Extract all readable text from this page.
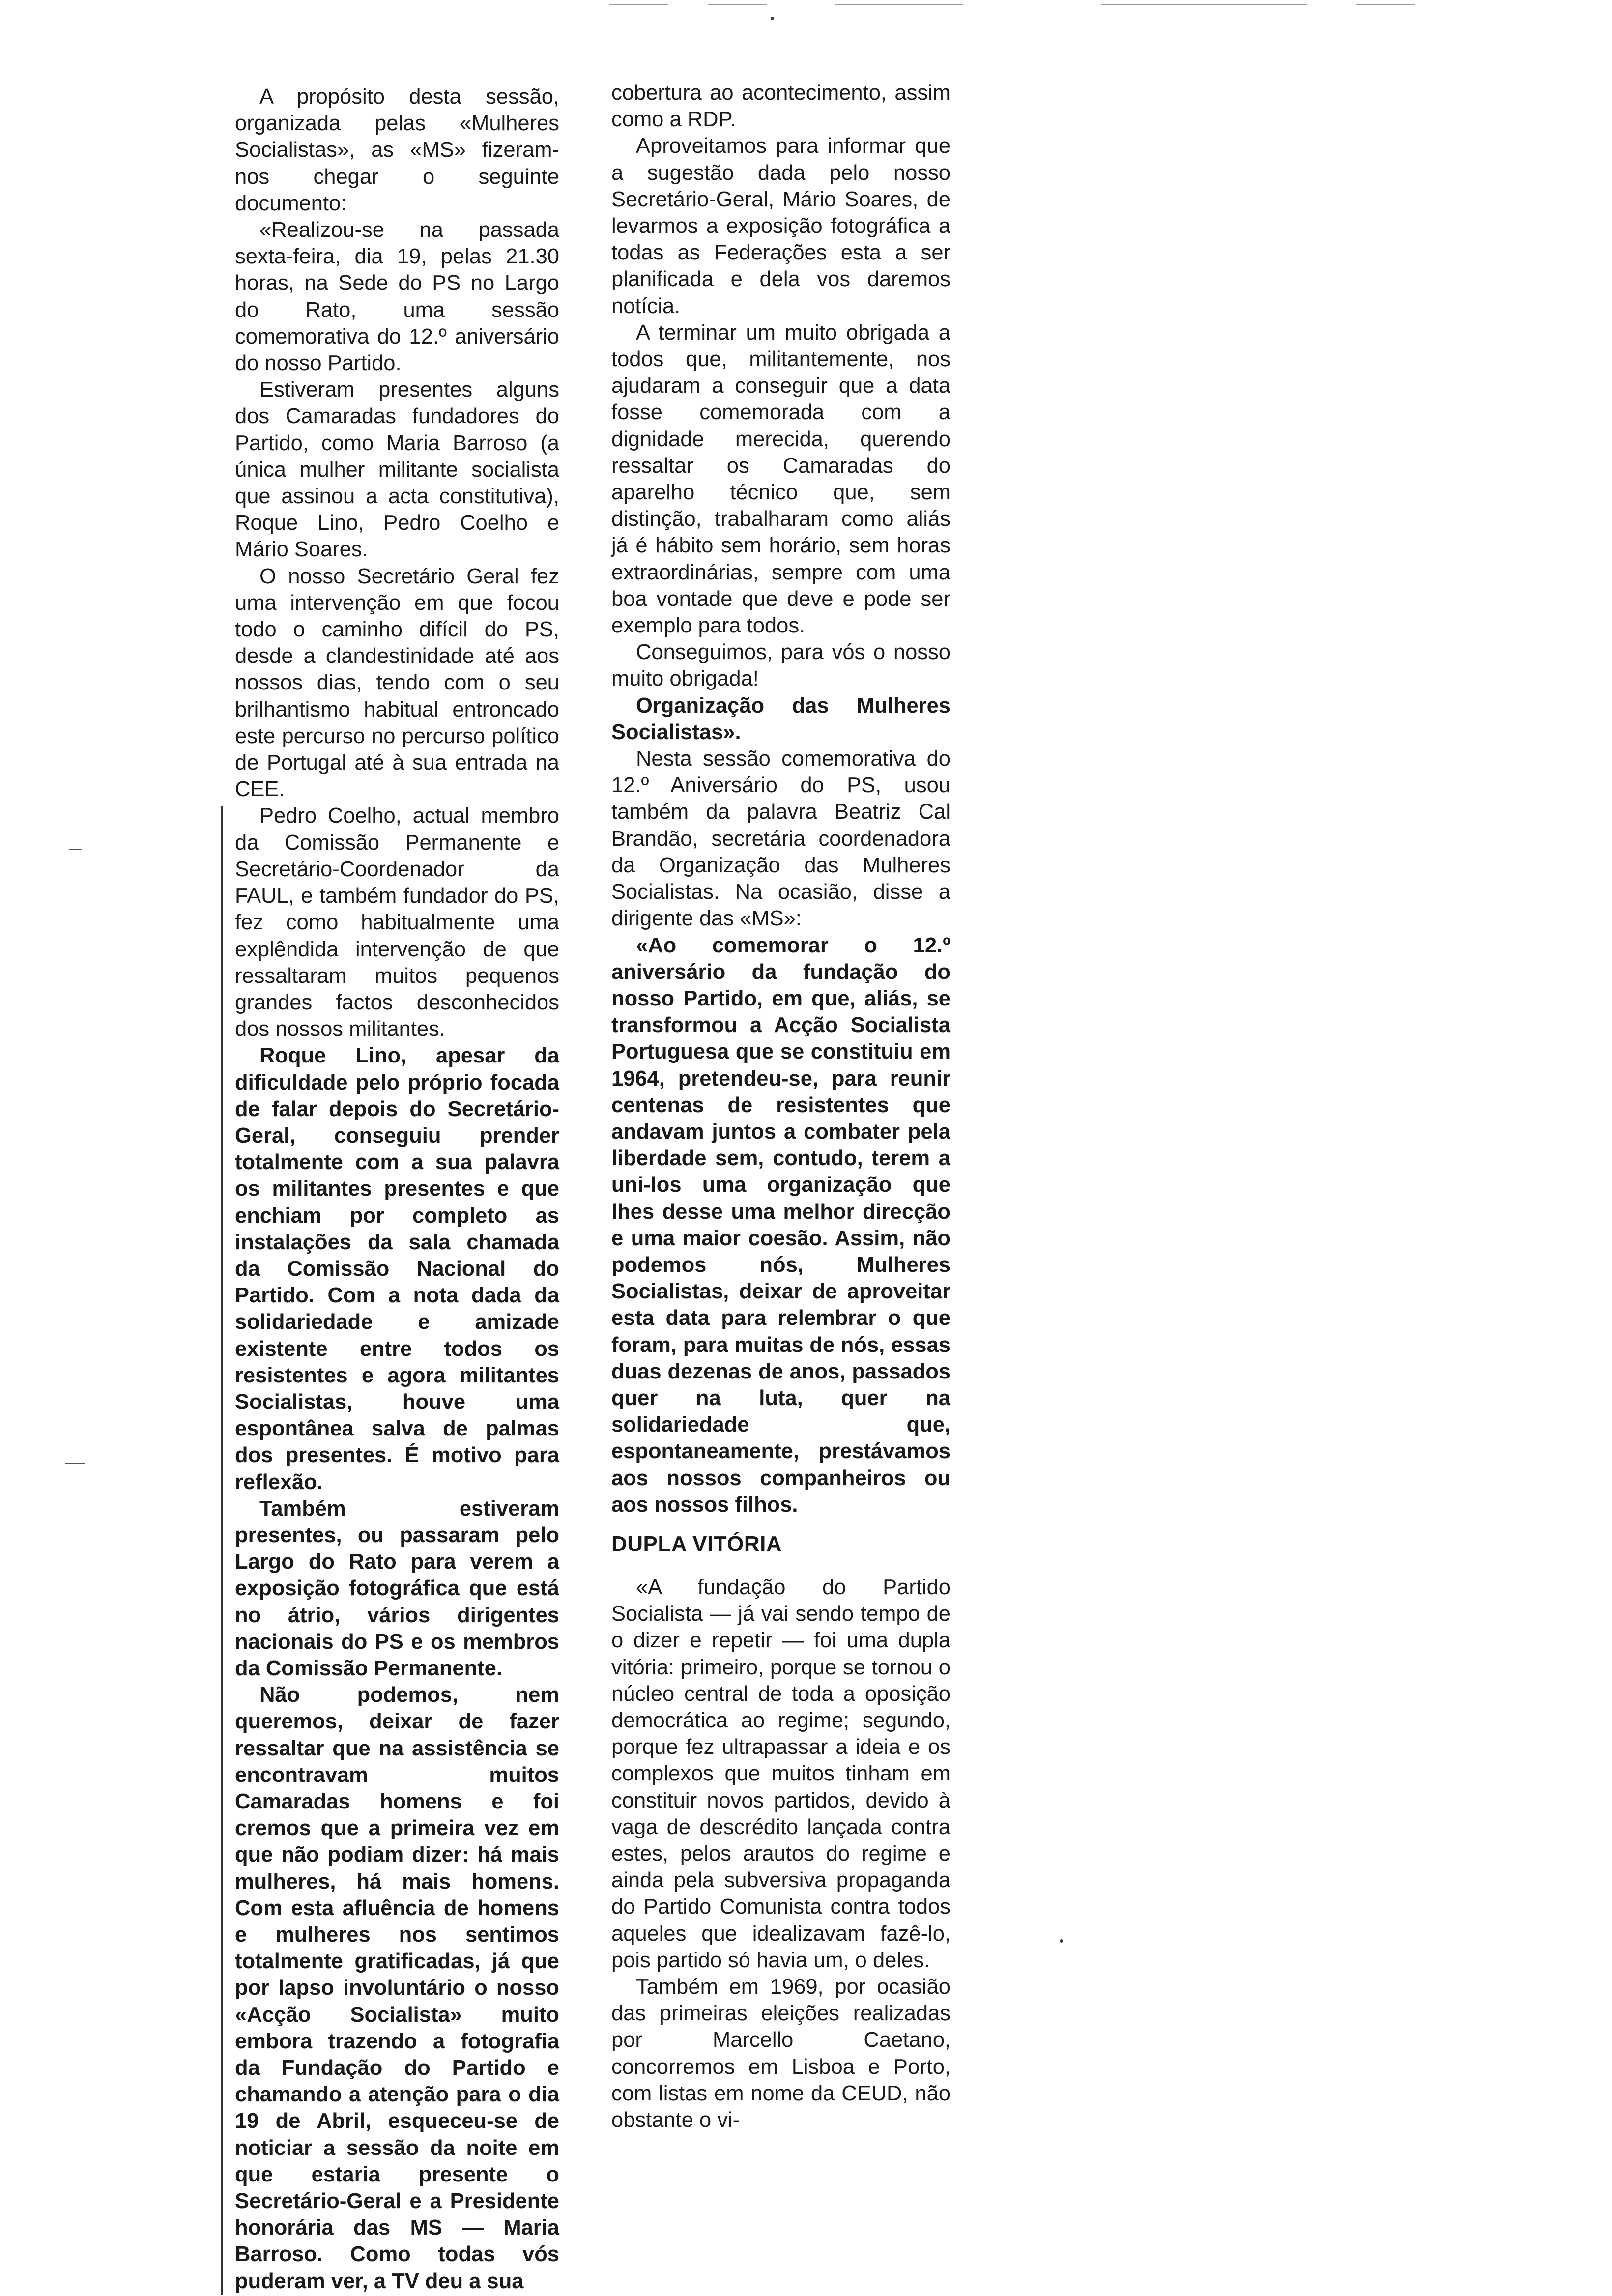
A propósito desta sessão, organizada pelas «Mulheres Socialistas», as «MS» fizeram-nos chegar o seguinte documento:

«Realizou-se na passada sexta-feira, dia 19, pelas 21.30 horas, na Sede do PS no Largo do Rato, uma sessão comemorativa do 12.º aniversário do nosso Partido.

Estiveram presentes alguns dos Camaradas fundadores do Partido, como Maria Barroso (a única mulher militante socialista que assinou a acta constitutiva), Roque Lino, Pedro Coelho e Mário Soares.

O nosso Secretário Geral fez uma intervenção em que focou todo o caminho difícil do PS, desde a clandestinidade até aos nossos dias, tendo com o seu brilhantismo habitual entroncado este percurso no percurso político de Portugal até à sua entrada na CEE.

Pedro Coelho, actual membro da Comissão Permanente e Secretário-Coordenador da FAUL, e também fundador do PS, fez como habitualmente uma explêndida intervenção de que ressaltaram muitos pequenos grandes factos desconhecidos dos nossos militantes.

Roque Lino, apesar da dificuldade pelo próprio focada de falar depois do Secretário-Geral, conseguiu prender totalmente com a sua palavra os militantes presentes e que enchiam por completo as instalações da sala chamada da Comissão Nacional do Partido. Com a nota dada da solidariedade e amizade existente entre todos os resistentes e agora militantes Socialistas, houve uma espontânea salva de palmas dos presentes. É motivo para reflexão.

Também estiveram presentes, ou passaram pelo Largo do Rato para verem a exposição fotográfica que está no átrio, vários dirigentes nacionais do PS e os membros da Comissão Permanente.

Não podemos, nem queremos, deixar de fazer ressaltar que na assistência se encontravam muitos Camaradas homens e foi cremos que a primeira vez em que não podiam dizer: há mais mulheres, há mais homens. Com esta afluência de homens e mulheres nos sentimos totalmente gratificadas, já que por lapso involuntário o nosso «Acção Socialista» muito embora trazendo a fotografia da Fundação do Partido e chamando a atenção para o dia 19 de Abril, esqueceu-se de noticiar a sessão da noite em que estaria presente o Secretário-Geral e a Presidente honorária das MS — Maria Barroso. Como todas vós puderam ver, a TV deu a sua

cobertura ao acontecimento, assim como a RDP.

Aproveitamos para informar que a sugestão dada pelo nosso Secretário-Geral, Mário Soares, de levarmos a exposição fotográfica a todas as Federações esta a ser planificada e dela vos daremos notícia.

A terminar um muito obrigada a todos que, militantemente, nos ajudaram a conseguir que a data fosse comemorada com a dignidade merecida, querendo ressaltar os Camaradas do aparelho técnico que, sem distinção, trabalharam como aliás já é hábito sem horário, sem horas extraordinárias, sempre com uma boa vontade que deve e pode ser exemplo para todos.

Conseguimos, para vós o nosso muito obrigada!

Organização das Mulheres Socialistas».

Nesta sessão comemorativa do 12.º Aniversário do PS, usou também da palavra Beatriz Cal Brandão, secretária coordenadora da Organização das Mulheres Socialistas. Na ocasião, disse a dirigente das «MS»:

«Ao comemorar o 12.º aniversário da fundação do nosso Partido, em que, aliás, se transformou a Acção Socialista Portuguesa que se constituiu em 1964, pretendeu-se, para reunir centenas de resistentes que andavam juntos a combater pela liberdade sem, contudo, terem a uni-los uma organização que lhes desse uma melhor direcção e uma maior coesão. Assim, não podemos nós, Mulheres Socialistas, deixar de aproveitar esta data para relembrar o que foram, para muitas de nós, essas duas dezenas de anos, passados quer na luta, quer na solidariedade que, espontaneamente, prestávamos aos nossos companheiros ou aos nossos filhos.

DUPLA VITÓRIA

«A fundação do Partido Socialista — já vai sendo tempo de o dizer e repetir — foi uma dupla vitória: primeiro, porque se tornou o núcleo central de toda a oposição democrática ao regime; segundo, porque fez ultrapassar a ideia e os complexos que muitos tinham em constituir novos partidos, devido à vaga de descrédito lançada contra estes, pelos arautos do regime e ainda pela subversiva propaganda do Partido Comunista contra todos aqueles que idealizavam fazê-lo, pois partido só havia um, o deles.

Também em 1969, por ocasião das primeiras eleições realizadas por Marcello Caetano, concorremos em Lisboa e Porto, com listas em nome da CEUD, não obstante o vi-
